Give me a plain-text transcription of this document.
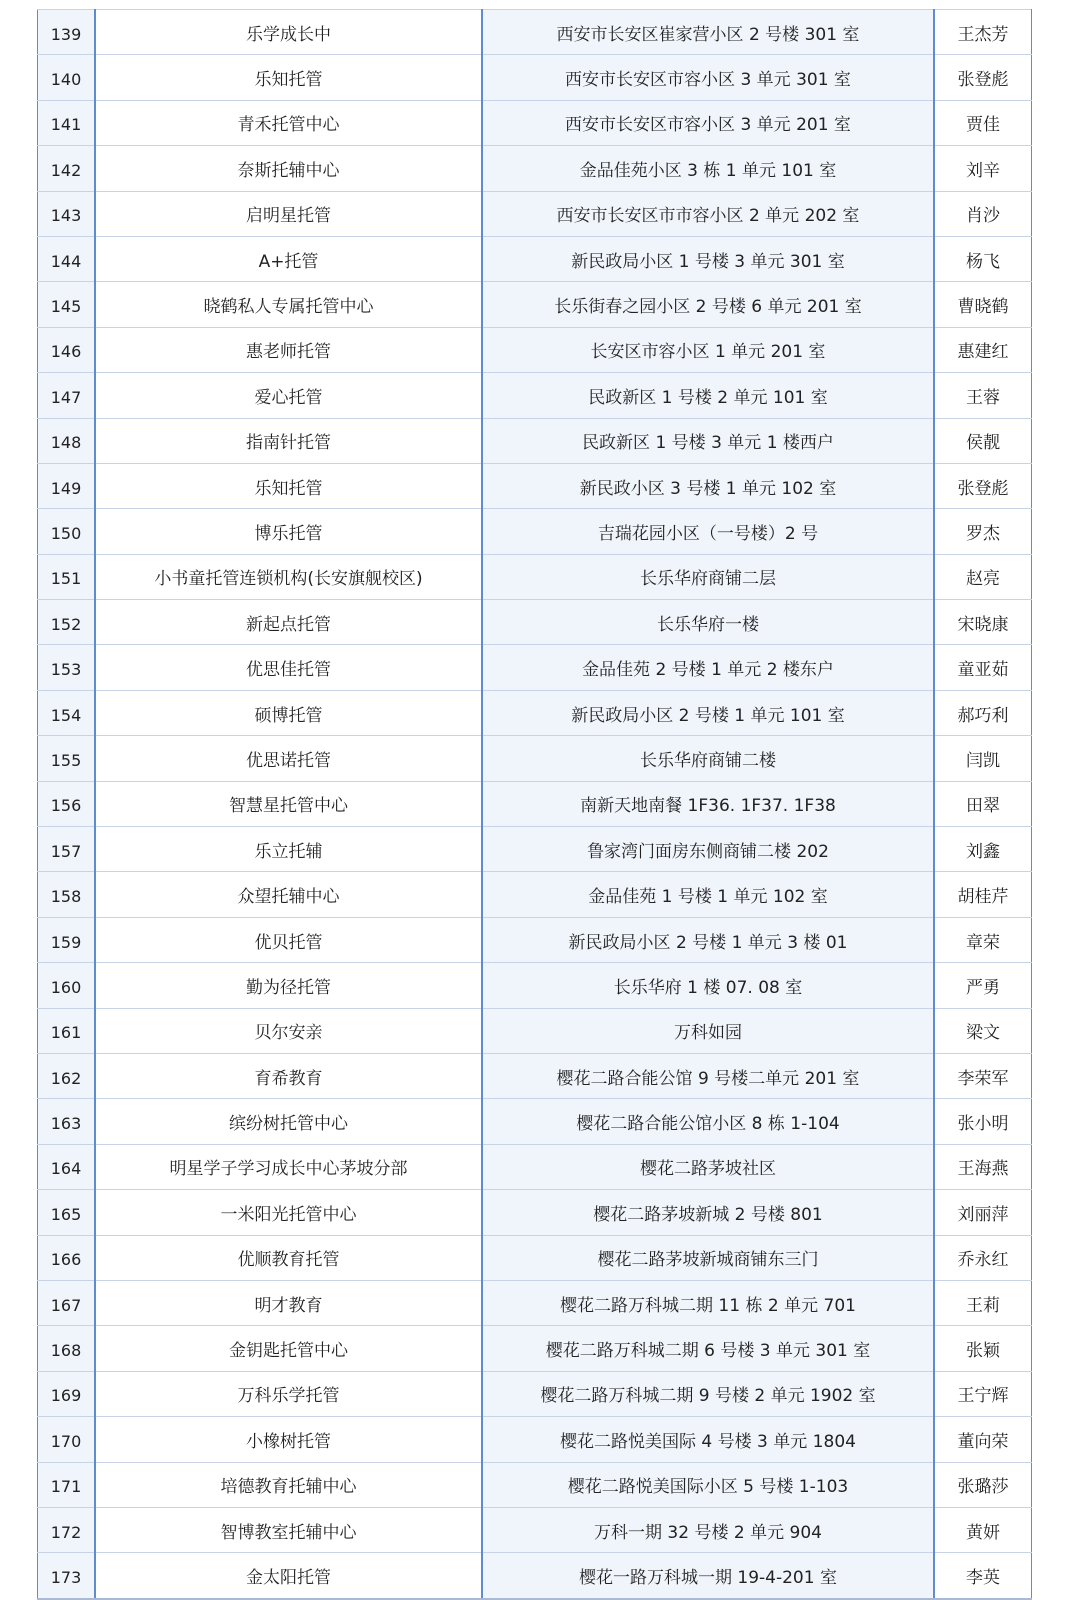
139	乐学成长中	西安市长安区崔家营小区 2 号楼 301 室	王杰芳
140	乐知托管	西安市长安区市容小区 3 单元 301 室	张登彪
141	青禾托管中心	西安市长安区市容小区 3 单元 201 室	贾佳
142	奈斯托辅中心	金品佳苑小区 3 栋 1 单元 101 室	刘辛
143	启明星托管	西安市长安区市市容小区 2 单元 202 室	肖沙
144	A+托管	新民政局小区 1 号楼 3 单元 301 室	杨飞
145	晓鹤私人专属托管中心	长乐街春之园小区 2 号楼 6 单元 201 室	曹晓鹤
146	惠老师托管	长安区市容小区 1 单元 201 室	惠建红
147	爱心托管	民政新区 1 号楼 2 单元 101 室	王蓉
148	指南针托管	民政新区 1 号楼 3 单元 1 楼西户	侯靓
149	乐知托管	新民政小区 3 号楼 1 单元 102 室	张登彪
150	博乐托管	吉瑞花园小区（一号楼）2 号	罗杰
151	小书童托管连锁机构(长安旗舰校区)	长乐华府商铺二层	赵亮
152	新起点托管	长乐华府一楼	宋晓康
153	优思佳托管	金品佳苑 2 号楼 1 单元 2 楼东户	童亚茹
154	硕博托管	新民政局小区 2 号楼 1 单元 101 室	郝巧利
155	优思诺托管	长乐华府商铺二楼	闫凯
156	智慧星托管中心	南新天地南餐 1F36. 1F37. 1F38	田翠
157	乐立托辅	鲁家湾门面房东侧商铺二楼 202	刘鑫
158	众望托辅中心	金品佳苑 1 号楼 1 单元 102 室	胡桂芹
159	优贝托管	新民政局小区 2 号楼 1 单元 3 楼 01	章荣
160	勤为径托管	长乐华府 1 楼 07. 08 室	严勇
161	贝尔安亲	万科如园	梁文
162	育希教育	樱花二路合能公馆 9 号楼二单元 201 室	李荣军
163	缤纷树托管中心	樱花二路合能公馆小区 8 栋 1-104	张小明
164	明星学子学习成长中心茅坡分部	樱花二路茅坡社区	王海燕
165	一米阳光托管中心	樱花二路茅坡新城 2 号楼 801	刘丽萍
166	优顺教育托管	樱花二路茅坡新城商铺东三门	乔永红
167	明才教育	樱花二路万科城二期 11 栋 2 单元 701	王莉
168	金钥匙托管中心	樱花二路万科城二期 6 号楼 3 单元 301 室	张颖
169	万科乐学托管	樱花二路万科城二期 9 号楼 2 单元 1902 室	王宁辉
170	小橡树托管	樱花二路悦美国际 4 号楼 3 单元 1804	董向荣
171	培德教育托辅中心	樱花二路悦美国际小区 5 号楼 1-103	张璐莎
172	智博教室托辅中心	万科一期 32 号楼 2 单元 904	黄妍
173	金太阳托管	樱花一路万科城一期 19-4-201 室	李英
